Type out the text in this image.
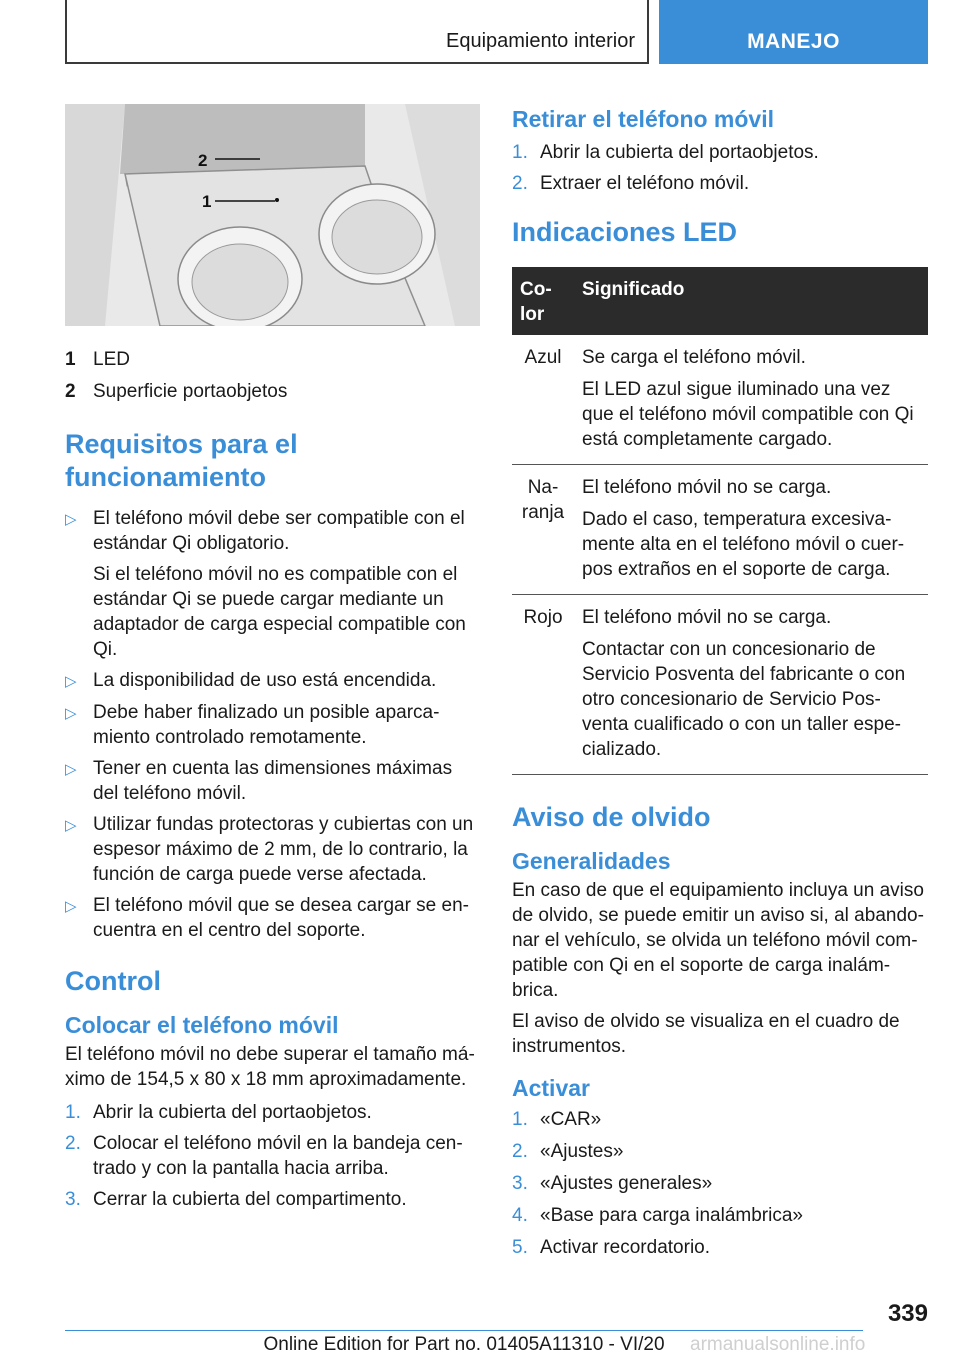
Equipamiento interior	MANEJO
2
1
1 LED
2 Superficie portaobjetos
Requisitos para el
funcionamiento
▷ El teléfono móvil debe ser compatible con el estándar Qi obligatorio.

Si el teléfono móvil no es compatible con el estándar Qi se puede cargar mediante un adaptador de carga especial compatible con Qi.

▷ La disponibilidad de uso está encendida.

▷ Debe haber finalizado un posible aparca- miento controlado remotamente.

▷ Tener en cuenta las dimensiones máximas del teléfono móvil.

▷ Utilizar fundas protectoras y cubiertas con un espesor máximo de 2 mm, de lo contrario, la función de carga puede verse afectada.

▷ El teléfono móvil que se desea cargar se en- cuentra en el centro del soporte.

Control
Colocar el teléfono móvil

El teléfono móvil no debe superar el tamaño má- ximo de 154,5 x 80 x 18 mm aproximadamente.

1. Abrir la cubierta del portaobjetos.
2. Colocar el teléfono móvil en la bandeja cen- trado y con la pantalla hacia arriba.
3. Cerrar la cubierta del compartimento.
Retirar el teléfono móvil
1. Abrir la cubierta del portaobjetos.
2. Extraer el teléfono móvil.
Indicaciones LED
Co- lor	Significado
Azul	Se carga el teléfono móvil.

El LED azul sigue iluminado una vez que el teléfono móvil compatible con Qi está completamente cargado.

Na- ranja	El teléfono móvil no se carga.

Dado el caso, temperatura excesiva- mente alta en el teléfono móvil o cuer- pos extraños en el soporte de carga.

Rojo	El teléfono móvil no se carga.

Contactar con un concesionario de Servicio Posventa del fabricante o con otro concesionario de Servicio Pos- venta cualificado o con un taller espe- cializado.

Aviso de olvido
Generalidades

En caso de que el equipamiento incluya un aviso de olvido, se puede emitir un aviso si, al abando- nar el vehículo, se olvida un teléfono móvil com- patible con Qi en el soporte de carga inalám- brica.

El aviso de olvido se visualiza en el cuadro de instrumentos.

Activar
1. «CAR»
2. «Ajustes»
3. «Ajustes generales»
4. «Base para carga inalámbrica»
5. Activar recordatorio.
339
Online Edition for Part no. 01405A11310 - VI/20	armanualsonline.info
